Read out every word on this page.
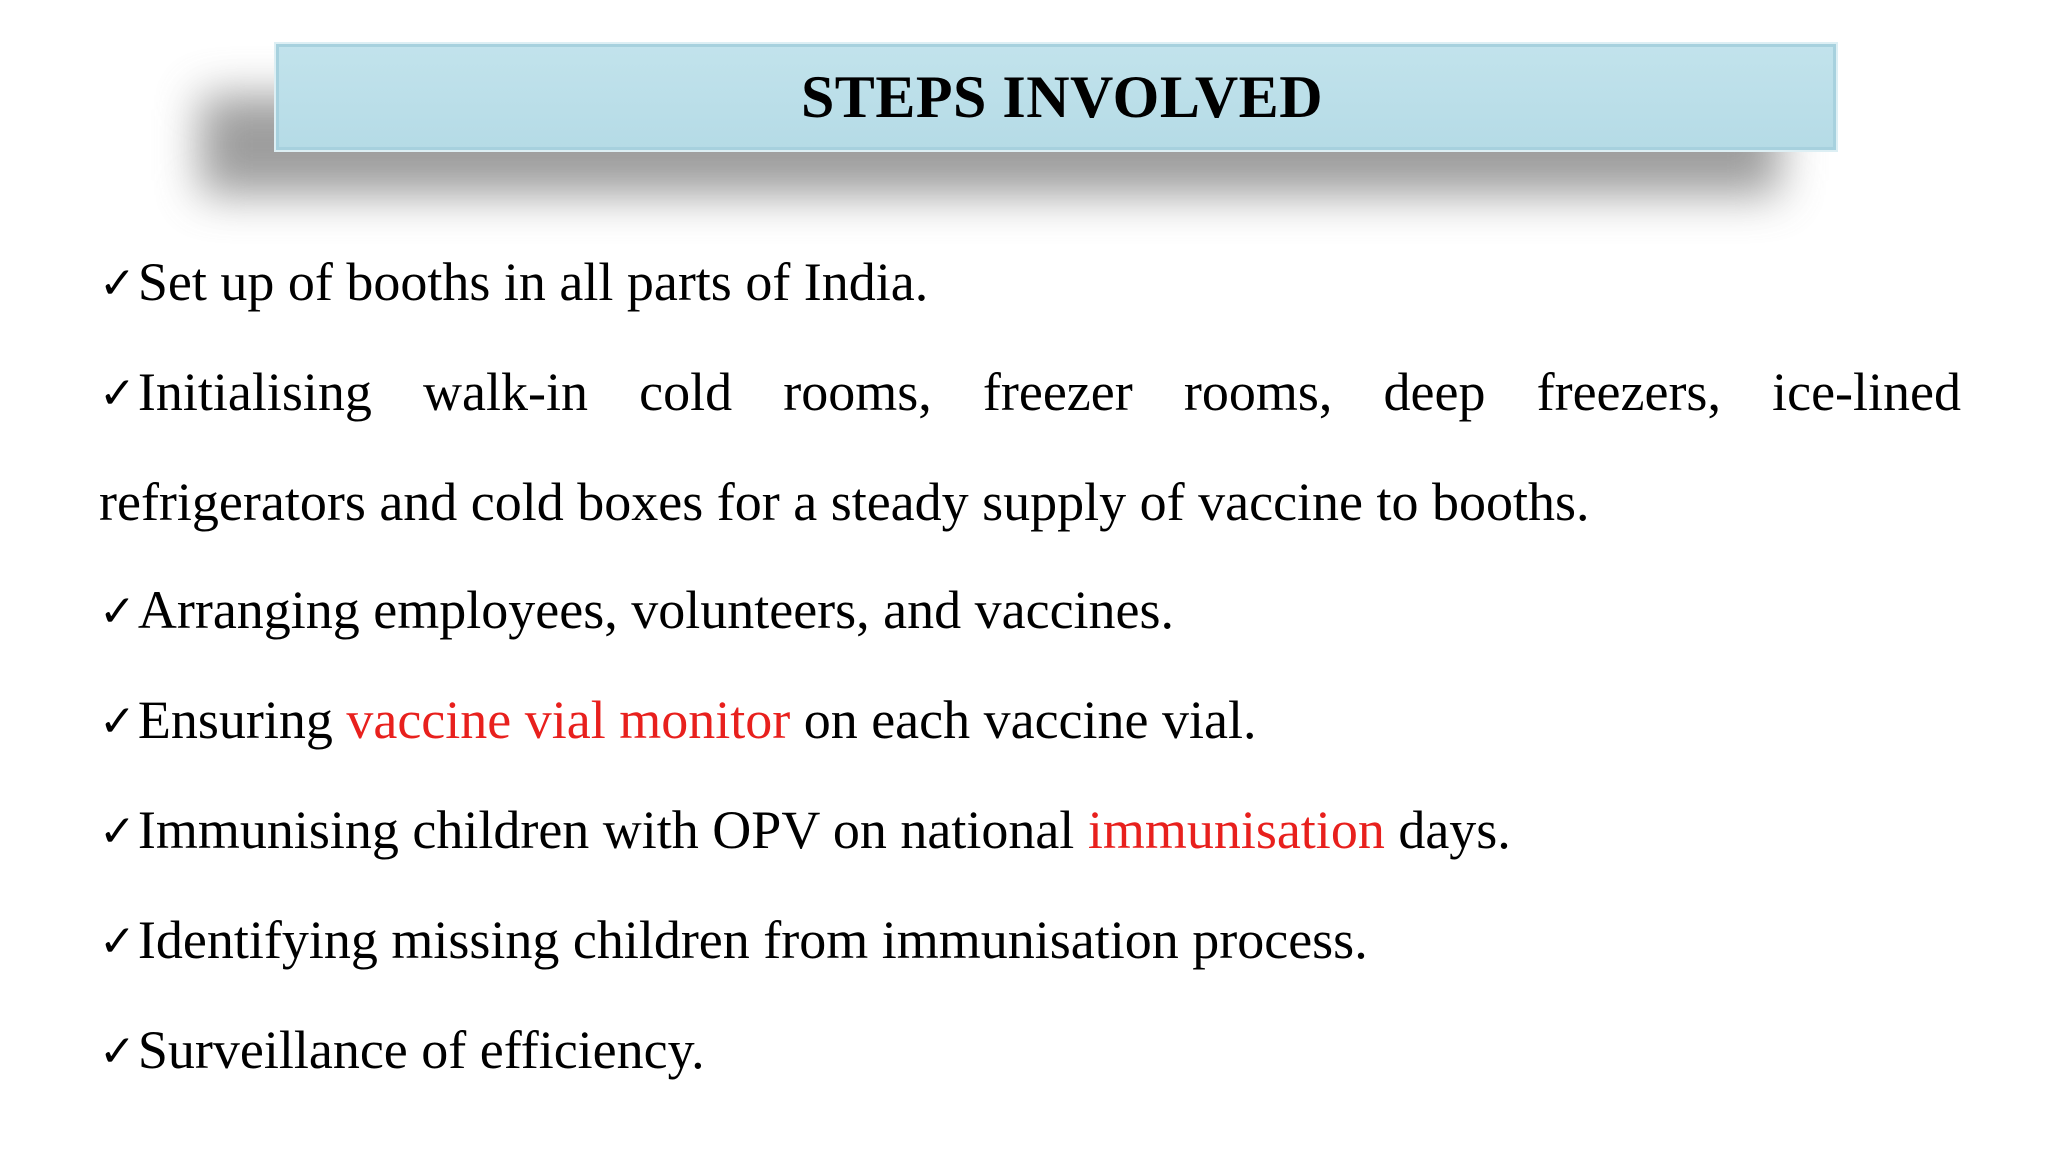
STEPS INVOLVED

✓Set up of booths in all parts of India.

✓Initialising walk-in cold rooms, freezer rooms, deep freezers, ice-lined

refrigerators and cold boxes for a steady supply of vaccine to booths.

✓Arranging employees, volunteers, and vaccines.

✓Ensuring vaccine vial monitor on each vaccine vial.

✓Immunising children with OPV on national immunisation days.

✓Identifying missing children from immunisation process.

✓Surveillance of efficiency.
